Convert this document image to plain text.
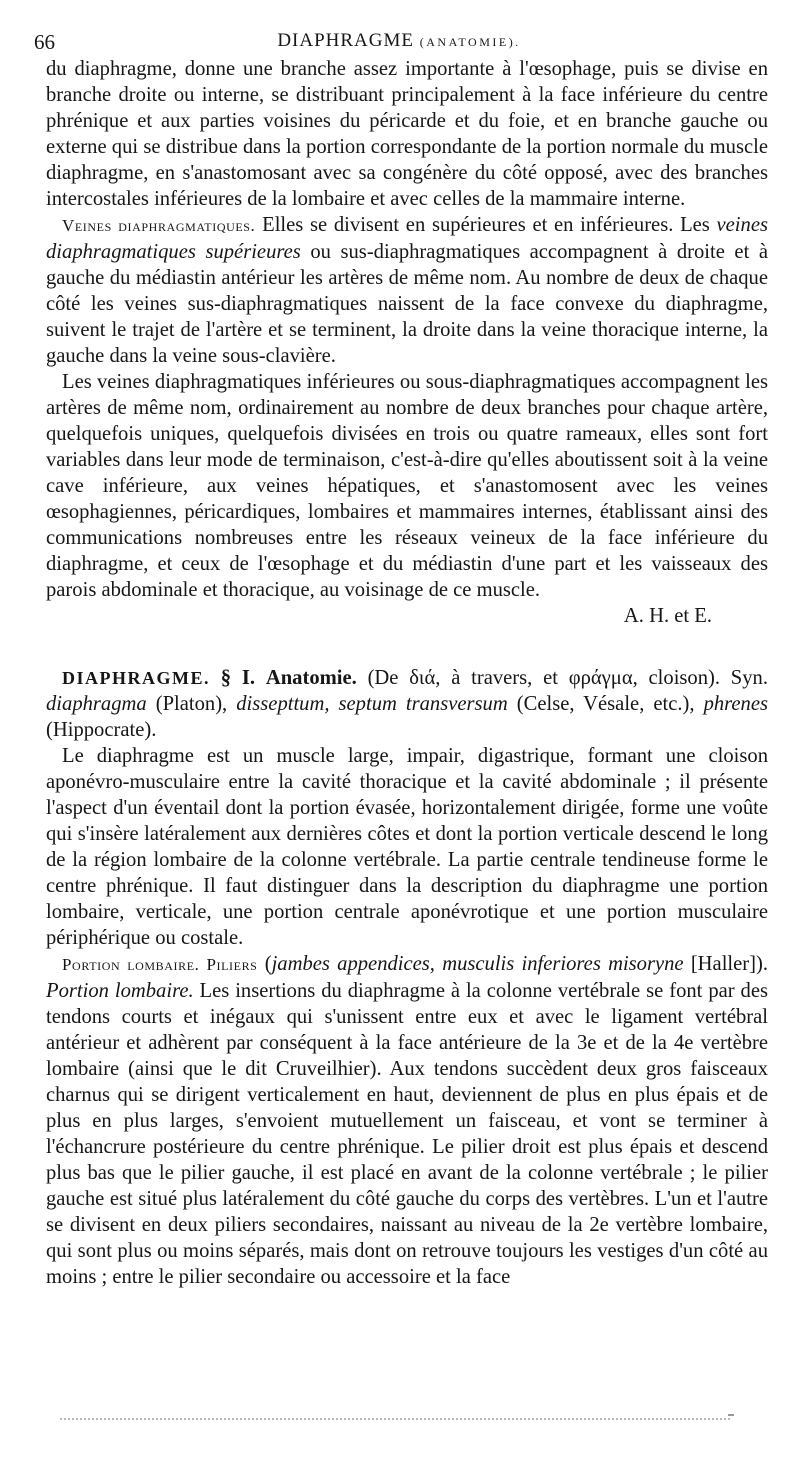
66	DIAPHRAGME (ANATOMIE).

du diaphragme, donne une branche assez importante à l'œsophage, puis se divise en branche droite ou interne, se distribuant principalement à la face inférieure du centre phrénique et aux parties voisines du péricarde et du foie, et en branche gauche ou externe qui se distribue dans la portion correspondante de la portion normale du muscle diaphragme, en s'anastomosant avec sa congénère du côté opposé, avec des branches intercostales inférieures de la lombaire et avec celles de la mammaire interne.

Veines diaphragmatiques. Elles se divisent en supérieures et en inférieures. Les veines diaphragmatiques supérieures ou sus-diaphragmatiques accompagnent à droite et à gauche du médiastin antérieur les artères de même nom. Au nombre de deux de chaque côté les veines sus-diaphragmatiques naissent de la face convexe du diaphragme, suivent le trajet de l'artère et se terminent, la droite dans la veine thoracique interne, la gauche dans la veine sous-clavière.

Les veines diaphragmatiques inférieures ou sous-diaphragmatiques accompagnent les artères de même nom, ordinairement au nombre de deux branches pour chaque artère, quelquefois uniques, quelquefois divisées en trois ou quatre rameaux, elles sont fort variables dans leur mode de terminaison, c'est-à-dire qu'elles aboutissent soit à la veine cave inférieure, aux veines hépatiques, et s'anastomosent avec les veines œsophagiennes, péricardiques, lombaires et mammaires internes, établissant ainsi des communications nombreuses entre les réseaux veineux de la face inférieure du diaphragme, et ceux de l'œsophage et du médiastin d'une part et les vaisseaux des parois abdominale et thoracique, au voisinage de ce muscle.

A. H. et E.

DIAPHRAGME. § I. Anatomie. (De διά, à travers, et φράγμα, cloison). Syn. diaphragma (Platon), dissepttum, septum transversum (Celse, Vésale, etc.), phrenes (Hippocrate).

Le diaphragme est un muscle large, impair, digastrique, formant une cloison aponévro-musculaire entre la cavité thoracique et la cavité abdominale ; il présente l'aspect d'un éventail dont la portion évasée, horizontalement dirigée, forme une voûte qui s'insère latéralement aux dernières côtes et dont la portion verticale descend le long de la région lombaire de la colonne vertébrale. La partie centrale tendineuse forme le centre phrénique. Il faut distinguer dans la description du diaphragme une portion lombaire, verticale, une portion centrale aponévrotique et une portion musculaire périphérique ou costale.

Portion lombaire. Piliers (jambes appendices, musculis inferiores misoryne [Haller]). Portion lombaire. Les insertions du diaphragme à la colonne vertébrale se font par des tendons courts et inégaux qui s'unissent entre eux et avec le ligament vertébral antérieur et adhèrent par conséquent à la face antérieure de la 3e et de la 4e vertèbre lombaire (ainsi que le dit Cruveilhier). Aux tendons succèdent deux gros faisceaux charnus qui se dirigent verticalement en haut, deviennent de plus en plus épais et de plus en plus larges, s'envoient mutuellement un faisceau, et vont se terminer à l'échancrure postérieure du centre phrénique. Le pilier droit est plus épais et descend plus bas que le pilier gauche, il est placé en avant de la colonne vertébrale ; le pilier gauche est situé plus latéralement du côté gauche du corps des vertèbres. L'un et l'autre se divisent en deux piliers secondaires, naissant au niveau de la 2e vertèbre lombaire, qui sont plus ou moins séparés, mais dont on retrouve toujours les vestiges d'un côté au moins ; entre le pilier secondaire ou accessoire et la face
